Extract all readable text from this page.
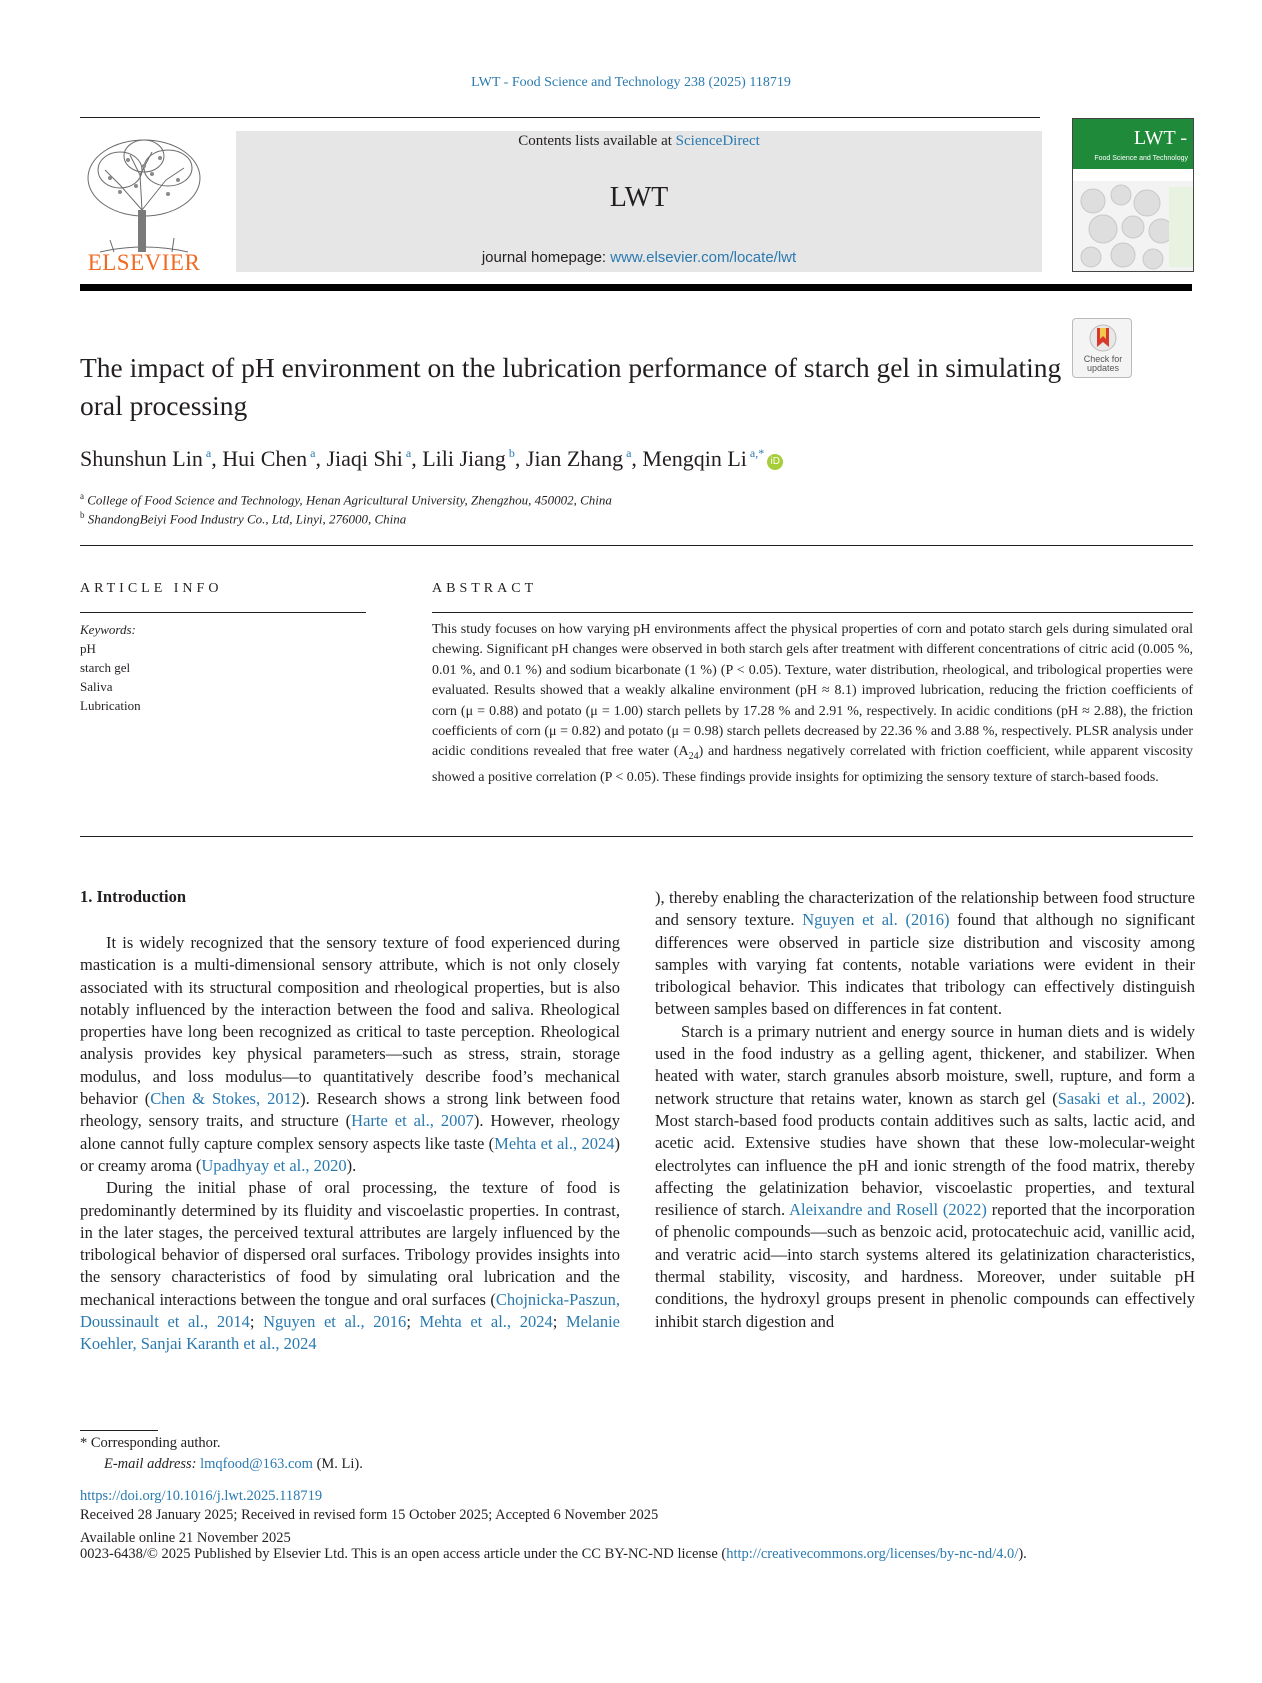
LWT - Food Science and Technology 238 (2025) 118719
ELSEVIER
Contents lists available at ScienceDirect
LWT
journal homepage: www.elsevier.com/locate/lwt
LWT -
Food Science and Technology
Check for updates
The impact of pH environment on the lubrication performance of starch gel in simulating oral processing
Shunshun Lin $^a$, Hui Chen $^a$, Jiaqi Shi $^a$, Lili Jiang $^b$, Jian Zhang $^a$, Mengqin Li $^{a,*}$iD
$^a$ College of Food Science and Technology, Henan Agricultural University, Zhengzhou, 450002, China
$^b$ ShandongBeiyi Food Industry Co., Ltd, Linyi, 276000, China
ARTICLE INFO	ABSTRACT
Keywords:
pH
starch gel
Saliva
Lubrication
This study focuses on how varying pH environments affect the physical properties of corn and potato starch gels during simulated oral chewing. Significant pH changes were observed in both starch gels after treatment with different concentrations of citric acid (0.005 %, 0.01 %, and 0.1 %) and sodium bicarbonate (1 %) (P < 0.05). Texture, water distribution, rheological, and tribological properties were evaluated. Results showed that a weakly alkaline environment (pH ≈ 8.1) improved lubrication, reducing the friction coefficients of corn (μ = 0.88) and potato (μ = 1.00) starch pellets by 17.28 % and 2.91 %, respectively. In acidic conditions (pH ≈ 2.88), the friction coefficients of corn (μ = 0.82) and potato (μ = 0.98) starch pellets decreased by 22.36 % and 3.88 %, respectively. PLSR analysis under acidic conditions revealed that free water $(A_{24})$ and hardness negatively correlated with friction coefficient, while apparent viscosity showed a positive correlation (P < 0.05). These findings provide insights for optimizing the sensory texture of starch-based foods.
1. Introduction

It is widely recognized that the sensory texture of food experienced during mastication is a multi-dimensional sensory attribute, which is not only closely associated with its structural composition and rheological properties, but is also notably influenced by the interaction between the food and saliva. Rheological properties have long been recognized as critical to taste perception. Rheological analysis provides key physical parameters—such as stress, strain, storage modulus, and loss modulus—to quantitatively describe food’s mechanical behavior (Chen & Stokes, 2012). Research shows a strong link between food rheology, sensory traits, and structure (Harte et al., 2007). However, rheology alone cannot fully capture complex sensory aspects like taste (Mehta et al., 2024) or creamy aroma (Upadhyay et al., 2020).

During the initial phase of oral processing, the texture of food is predominantly determined by its fluidity and viscoelastic properties. In contrast, in the later stages, the perceived textural attributes are largely influenced by the tribological behavior of dispersed oral surfaces. Tribology provides insights into the sensory characteristics of food by simulating oral lubrication and the mechanical interactions between the tongue and oral surfaces (Chojnicka-Paszun, Doussinault et al., 2014; Nguyen et al., 2016; Mehta et al., 2024; Melanie Koehler, Sanjai Karanth et al., 2024

), thereby enabling the characterization of the relationship between food structure and sensory texture. Nguyen et al. (2016) found that although no significant differences were observed in particle size distribution and viscosity among samples with varying fat contents, notable variations were evident in their tribological behavior. This indicates that tribology can effectively distinguish between samples based on differences in fat content.

Starch is a primary nutrient and energy source in human diets and is widely used in the food industry as a gelling agent, thickener, and stabilizer. When heated with water, starch granules absorb moisture, swell, rupture, and form a network structure that retains water, known as starch gel (Sasaki et al., 2002). Most starch-based food products contain additives such as salts, lactic acid, and acetic acid. Extensive studies have shown that these low-molecular-weight electrolytes can influence the pH and ionic strength of the food matrix, thereby affecting the gelatinization behavior, viscoelastic properties, and textural resilience of starch. Aleixandre and Rosell (2022) reported that the incorporation of phenolic compounds—such as benzoic acid, protocatechuic acid, vanillic acid, and veratric acid—into starch systems altered its gelatinization characteristics, thermal stability, viscosity, and hardness. Moreover, under suitable pH conditions, the hydroxyl groups present in phenolic compounds can effectively inhibit starch digestion and

* Corresponding author.
E-mail address: lmqfood@163.com (M. Li).
https://doi.org/10.1016/j.lwt.2025.118719
Received 28 January 2025; Received in revised form 15 October 2025; Accepted 6 November 2025
Available online 21 November 2025
0023-6438/© 2025 Published by Elsevier Ltd. This is an open access article under the CC BY-NC-ND license (http://creativecommons.org/licenses/by-nc-nd/4.0/).
